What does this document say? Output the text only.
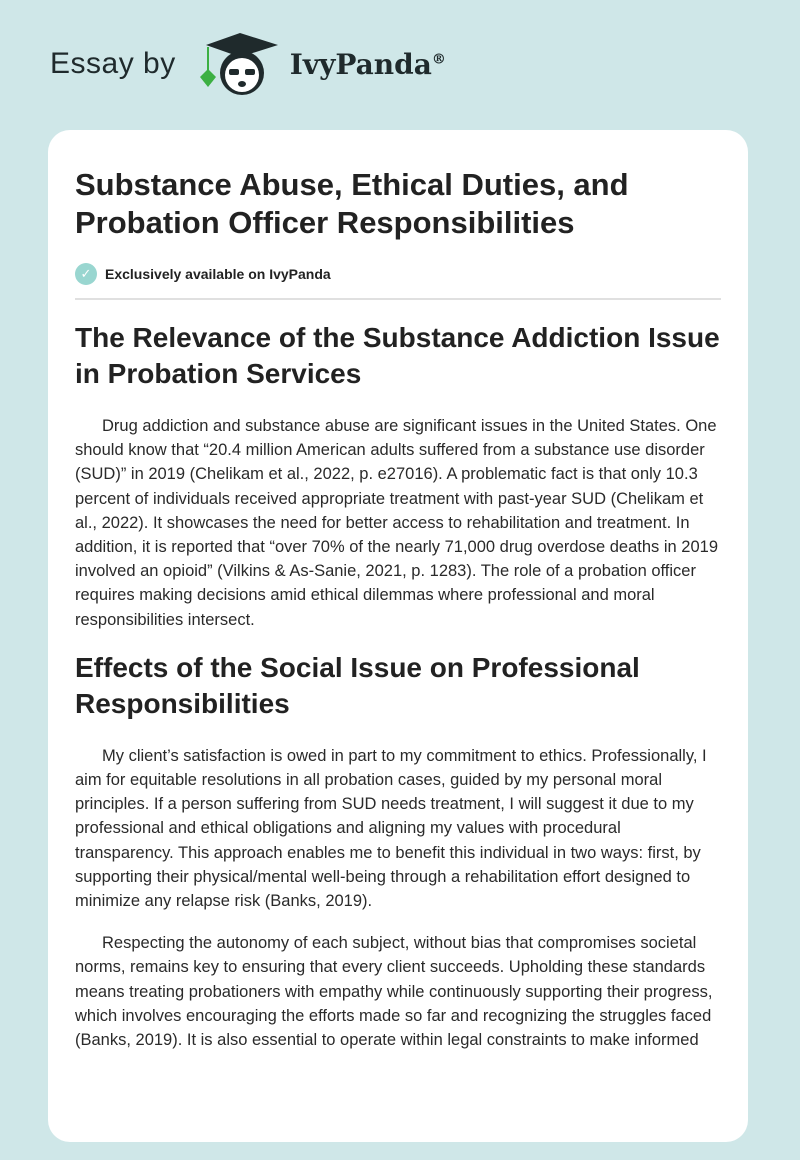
Essay by	IvyPanda®
Substance Abuse, Ethical Duties, and Probation Officer Responsibilities
✓ Exclusively available on IvyPanda
The Relevance of the Substance Addiction Issue in Probation Services

Drug addiction and substance abuse are significant issues in the United States. One should know that “20.4 million American adults suffered from a substance use disorder (SUD)” in 2019 (Chelikam et al., 2022, p. e27016). A problematic fact is that only 10.3 percent of individuals received appropriate treatment with past-year SUD (Chelikam et al., 2022). It showcases the need for better access to rehabilitation and treatment. In addition, it is reported that “over 70% of the nearly 71,000 drug overdose deaths in 2019 involved an opioid” (Vilkins & As-Sanie, 2021, p. 1283). The role of a probation officer requires making decisions amid ethical dilemmas where professional and moral responsibilities intersect.

Effects of the Social Issue on Professional Responsibilities

My client’s satisfaction is owed in part to my commitment to ethics. Professionally, I aim for equitable resolutions in all probation cases, guided by my personal moral principles. If a person suffering from SUD needs treatment, I will suggest it due to my professional and ethical obligations and aligning my values with procedural transparency. This approach enables me to benefit this individual in two ways: first, by supporting their physical/mental well-being through a rehabilitation effort designed to minimize any relapse risk (Banks, 2019).

Respecting the autonomy of each subject, without bias that compromises societal norms, remains key to ensuring that every client succeeds. Upholding these standards means treating probationers with empathy while continuously supporting their progress, which involves encouraging the efforts made so far and recognizing the struggles faced (Banks, 2019). It is also essential to operate within legal constraints to make informed
